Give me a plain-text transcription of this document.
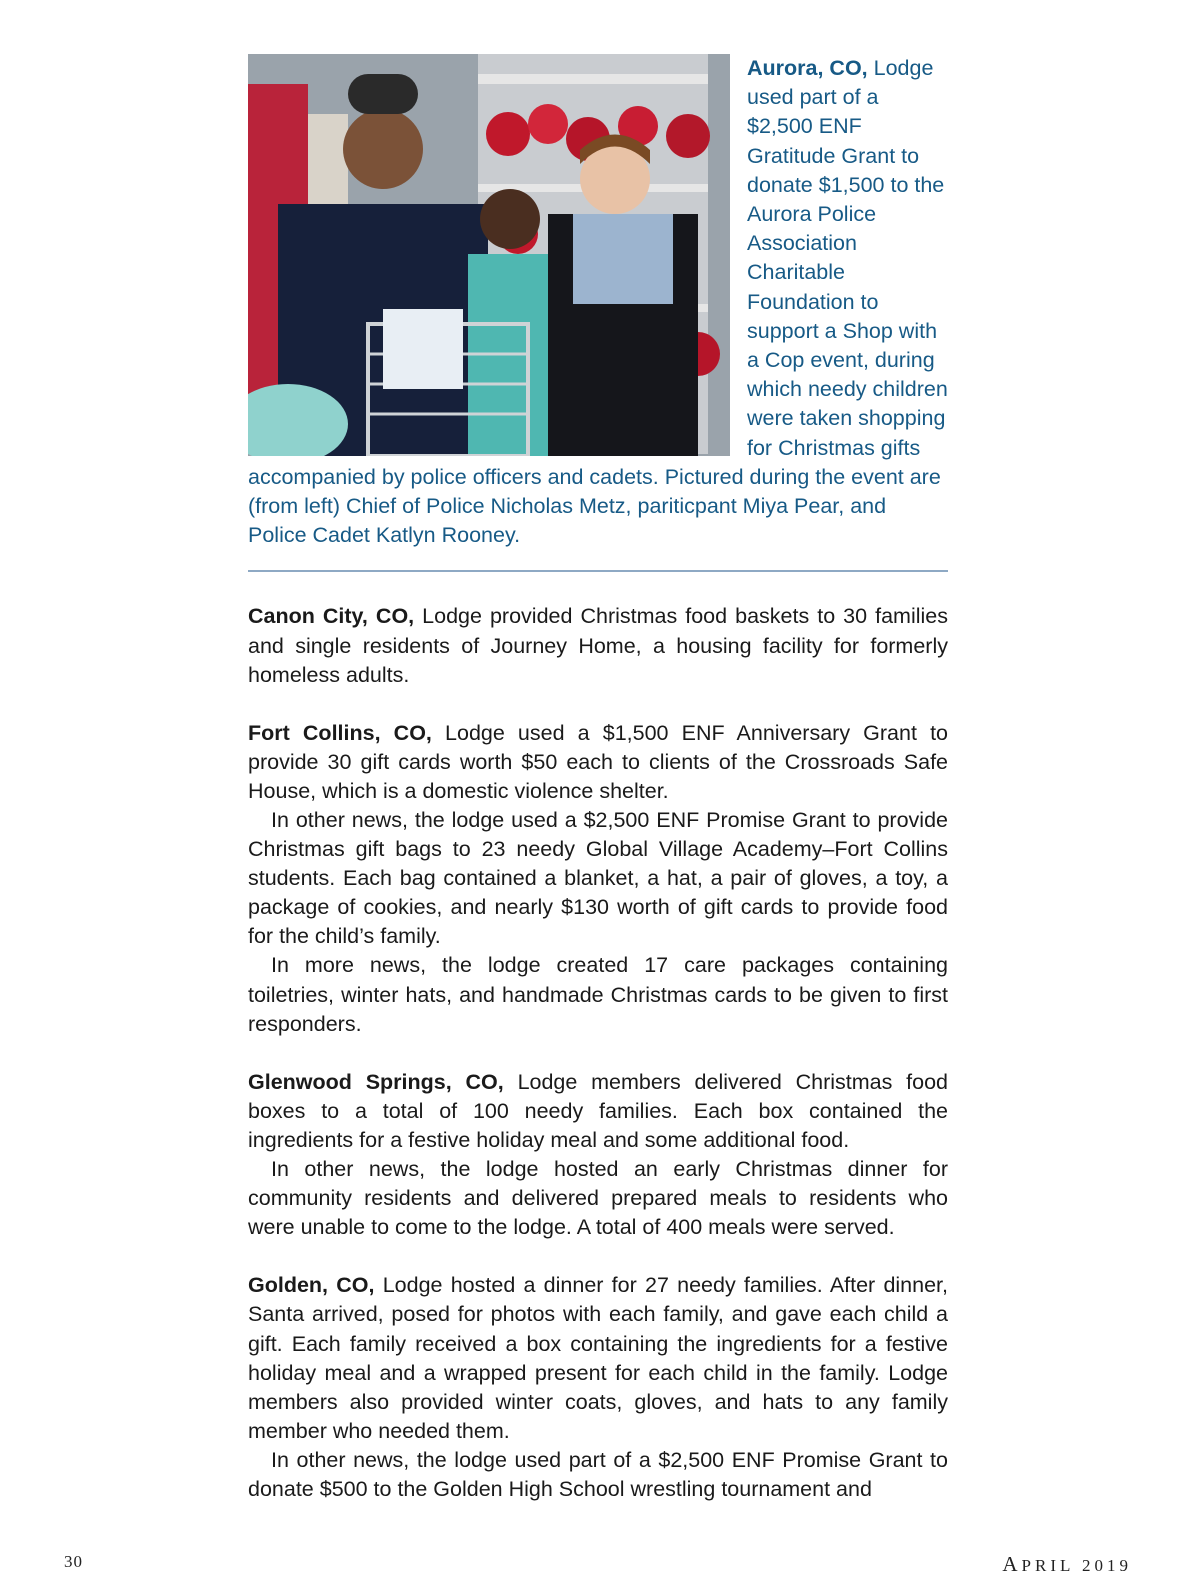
Aurora, CO, Lodge used part of a $2,500 ENF Gratitude Grant to donate $1,500 to the Aurora Police Association Charitable Foundation to support a Shop with a Cop event, during which needy children were taken shopping for Christmas gifts accompanied by police officers and cadets. Pictured during the event are (from left) Chief of Police Nicholas Metz, pariticpant Miya Pear, and Police Cadet Katlyn Rooney.

Canon City, CO, Lodge provided Christmas food baskets to 30 families and single residents of Journey Home, a housing facility for formerly homeless adults.

Fort Collins, CO, Lodge used a $1,500 ENF Anniversary Grant to provide 30 gift cards worth $50 each to clients of the Crossroads Safe House, which is a domestic violence shelter.

In other news, the lodge used a $2,500 ENF Promise Grant to provide Christmas gift bags to 23 needy Global Village Academy–Fort Collins students. Each bag contained a blanket, a hat, a pair of gloves, a toy, a package of cookies, and nearly $130 worth of gift cards to provide food for the child’s family.

In more news, the lodge created 17 care packages containing toiletries, winter hats, and handmade Christmas cards to be given to first responders.

Glenwood Springs, CO, Lodge members delivered Christmas food boxes to a total of 100 needy families. Each box contained the ingredients for a festive holiday meal and some additional food.

In other news, the lodge hosted an early Christmas dinner for community residents and delivered prepared meals to residents who were unable to come to the lodge. A total of 400 meals were served.

Golden, CO, Lodge hosted a dinner for 27 needy families. After dinner, Santa arrived, posed for photos with each family, and gave each child a gift. Each family received a box containing the ingredients for a festive holiday meal and a wrapped present for each child in the family. Lodge members also provided winter coats, gloves, and hats to any family member who needed them.

In other news, the lodge used part of a $2,500 ENF Promise Grant to donate $500 to the Golden High School wrestling tournament and

30	APRIL 2019
